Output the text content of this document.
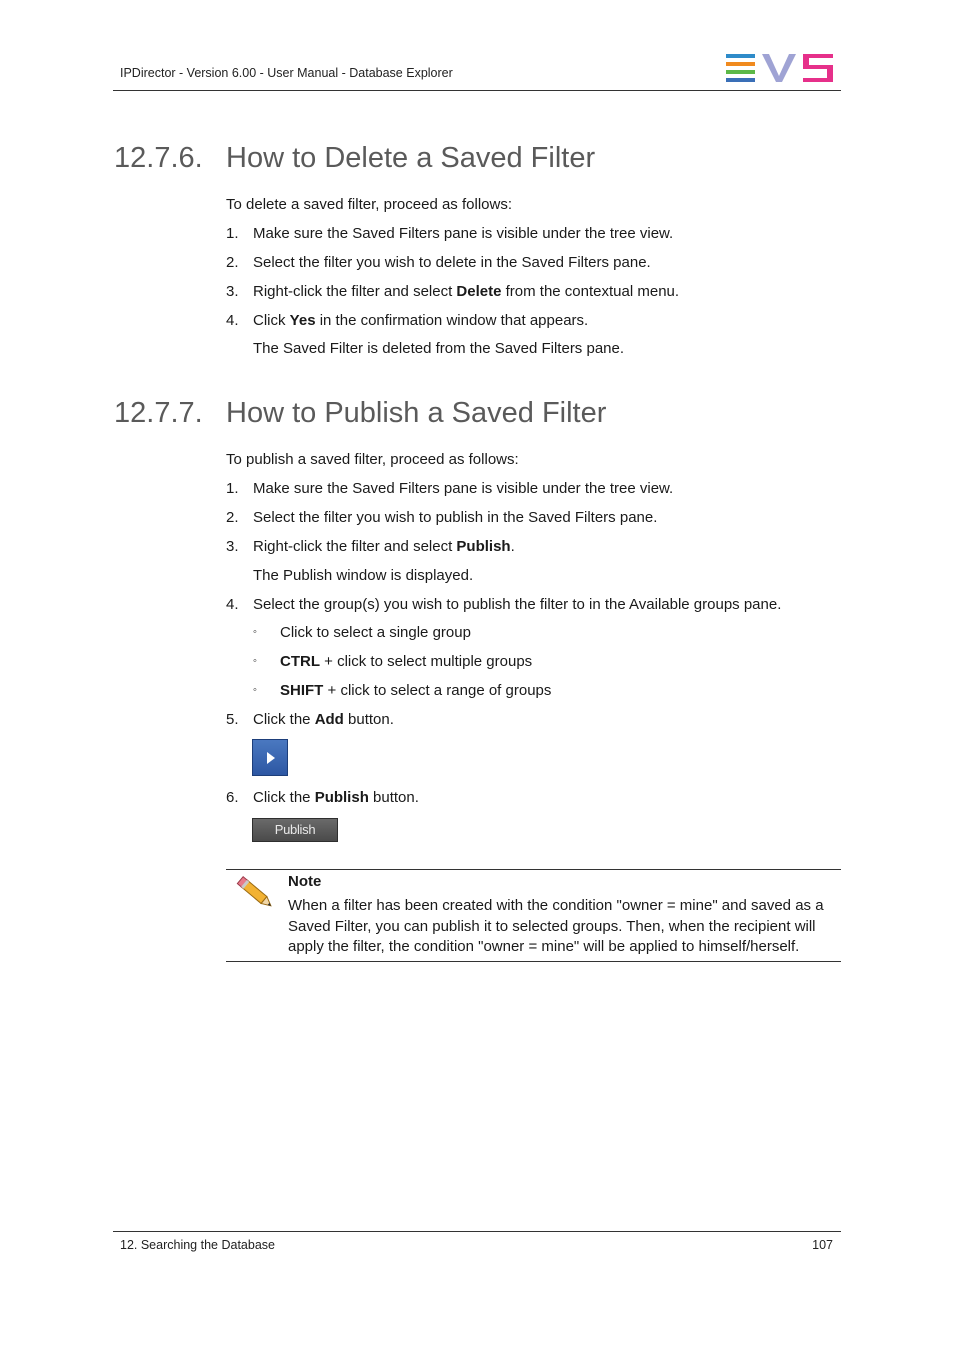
IPDirector - Version 6.00 - User Manual - Database Explorer
12.7.6. How to Delete a Saved Filter
To delete a saved filter, proceed as follows:
1. Make sure the Saved Filters pane is visible under the tree view.
2. Select the filter you wish to delete in the Saved Filters pane.
3. Right-click the filter and select Delete from the contextual menu.
4. Click Yes in the confirmation window that appears.
The Saved Filter is deleted from the Saved Filters pane.
12.7.7. How to Publish a Saved Filter
To publish a saved filter, proceed as follows:
1. Make sure the Saved Filters pane is visible under the tree view.
2. Select the filter you wish to publish in the Saved Filters pane.
3. Right-click the filter and select Publish.
The Publish window is displayed.
4. Select the group(s) you wish to publish the filter to in the Available groups pane.
◦ Click to select a single group
◦ CTRL + click to select multiple groups
◦ SHIFT + click to select a range of groups
5. Click the Add button.
6. Click the Publish button.
Publish
Note
When a filter has been created with the condition "owner = mine" and saved as a Saved Filter, you can publish it to selected groups. Then, when the recipient will apply the filter, the condition "owner = mine" will be applied to himself/herself.
12. Searching the Database	107
